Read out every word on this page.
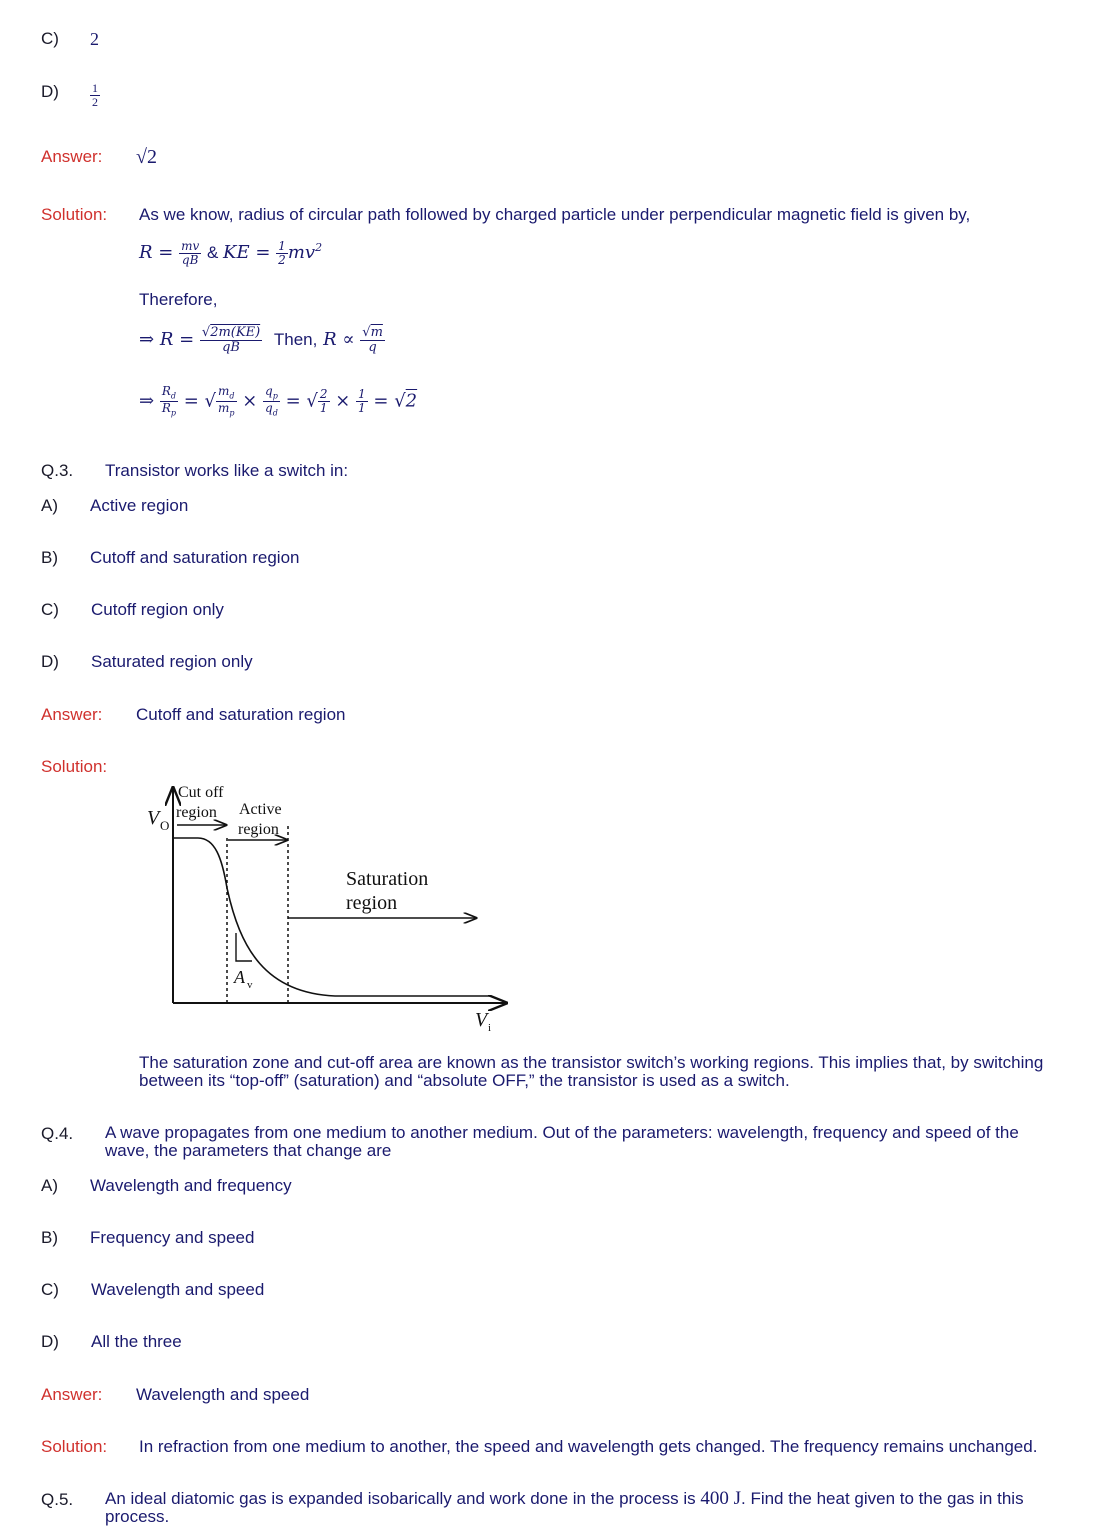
C) 2
D)	$\frac{1}{2}$
Answer: √2
Solution: As we know, radius of circular path followed by charged particle under perpendicular magnetic field is given by,
$R = \frac{mv}{qB}$ & KE = $\frac{1}{2} mv^2$
Therefore,
⇒ $R = \frac{√2m(KE)}{qB}$ Then, $R \propto \frac{√m}{q}$
⇒ $\frac{R_d}{R_p}$ = √ $\frac{m_d}{m_p} \times \frac{q_p}{q_d}$ = √ $\frac{2}{1} \times \frac{1}{1} = √2$
Q.3. Transistor works like a switch in:
A) Active region
B) Cutoff and saturation region
C) Cutoff region only
D) Saturated region only
Answer: Cutoff and saturation region
Solution:
Cut off
region Active
region
Saturation
region
V O
V i
A v
The saturation zone and cut-off area are known as the transistor switch’s working regions. This implies that, by switching between its “top-off” (saturation) and “absolute OFF,” the transistor is used as a switch.
Q.4. A wave propagates from one medium to another medium. Out of the parameters: wavelength, frequency and speed of the wave, the parameters that change are
A) Wavelength and frequency
B) Frequency and speed
C) Wavelength and speed
D) All the three
Answer: Wavelength and speed
Solution: In refraction from one medium to another, the speed and wavelength gets changed. The frequency remains unchanged.
Q.5. An ideal diatomic gas is expanded isobarically and work done in the process is 400 J. Find the heat given to the gas in this process.
